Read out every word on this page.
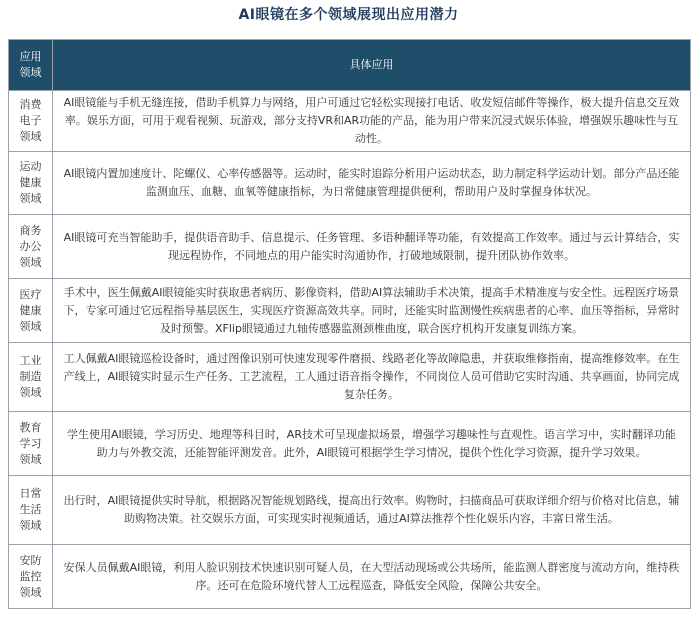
AI眼镜在多个领域展现出应用潜力
应用
领域	具体应用
消费
电子
领域	AI眼镜能与手机无缝连接，借助手机算力与网络，用户可通过它轻松实现接打电话、收发短信邮件等操作，极大提升信息交互效率。娱乐方面，可用于观看视频、玩游戏，部分支持VR和AR功能的产品，能为用户带来沉浸式娱乐体验，增强娱乐趣味性与互动性。
运动
健康
领域	AI眼镜内置加速度计、陀螺仪、心率传感器等。运动时，能实时追踪分析用户运动状态，助力制定科学运动计划。部分产品还能监测血压、血糖、血氧等健康指标，为日常健康管理提供便利，帮助用户及时掌握身体状况。
商务
办公
领域	AI眼镜可充当智能助手，提供语音助手、信息提示、任务管理、多语种翻译等功能，有效提高工作效率。通过与云计算结合，实现远程协作，不同地点的用户能实时沟通协作，打破地域限制，提升团队协作效率。
医疗
健康
领域	手术中，医生佩戴AI眼镜能实时获取患者病历、影像资料，借助AI算法辅助手术决策，提高手术精准度与安全性。远程医疗场景下，专家可通过它远程指导基层医生，实现医疗资源高效共享。同时，还能实时监测慢性疾病患者的心率、血压等指标，异常时及时预警。XFlip眼镜通过九轴传感器监测颈椎曲度，联合医疗机构开发康复训练方案。
工业
制造
领域	工人佩戴AI眼镜巡检设备时，通过图像识别可快速发现零件磨损、线路老化等故障隐患，并获取维修指南，提高维修效率。在生产线上，AI眼镜实时显示生产任务、工艺流程，工人通过语音指令操作，不同岗位人员可借助它实时沟通、共享画面，协同完成复杂任务。
教育
学习
领域	学生使用AI眼镜，学习历史、地理等科目时，AR技术可呈现虚拟场景，增强学习趣味性与直观性。语言学习中，实时翻译功能助力与外教交流，还能智能评测发音。此外，AI眼镜可根据学生学习情况，提供个性化学习资源，提升学习效果。
日常
生活
领域	出行时，AI眼镜提供实时导航，根据路况智能规划路线，提高出行效率。购物时，扫描商品可获取详细介绍与价格对比信息，辅助购物决策。社交娱乐方面，可实现实时视频通话，通过AI算法推荐个性化娱乐内容，丰富日常生活。
安防
监控
领域	安保人员佩戴AI眼镜，利用人脸识别技术快速识别可疑人员，在大型活动现场或公共场所，能监测人群密度与流动方向，维持秩序。还可在危险环境代替人工远程巡查，降低安全风险，保障公共安全。
